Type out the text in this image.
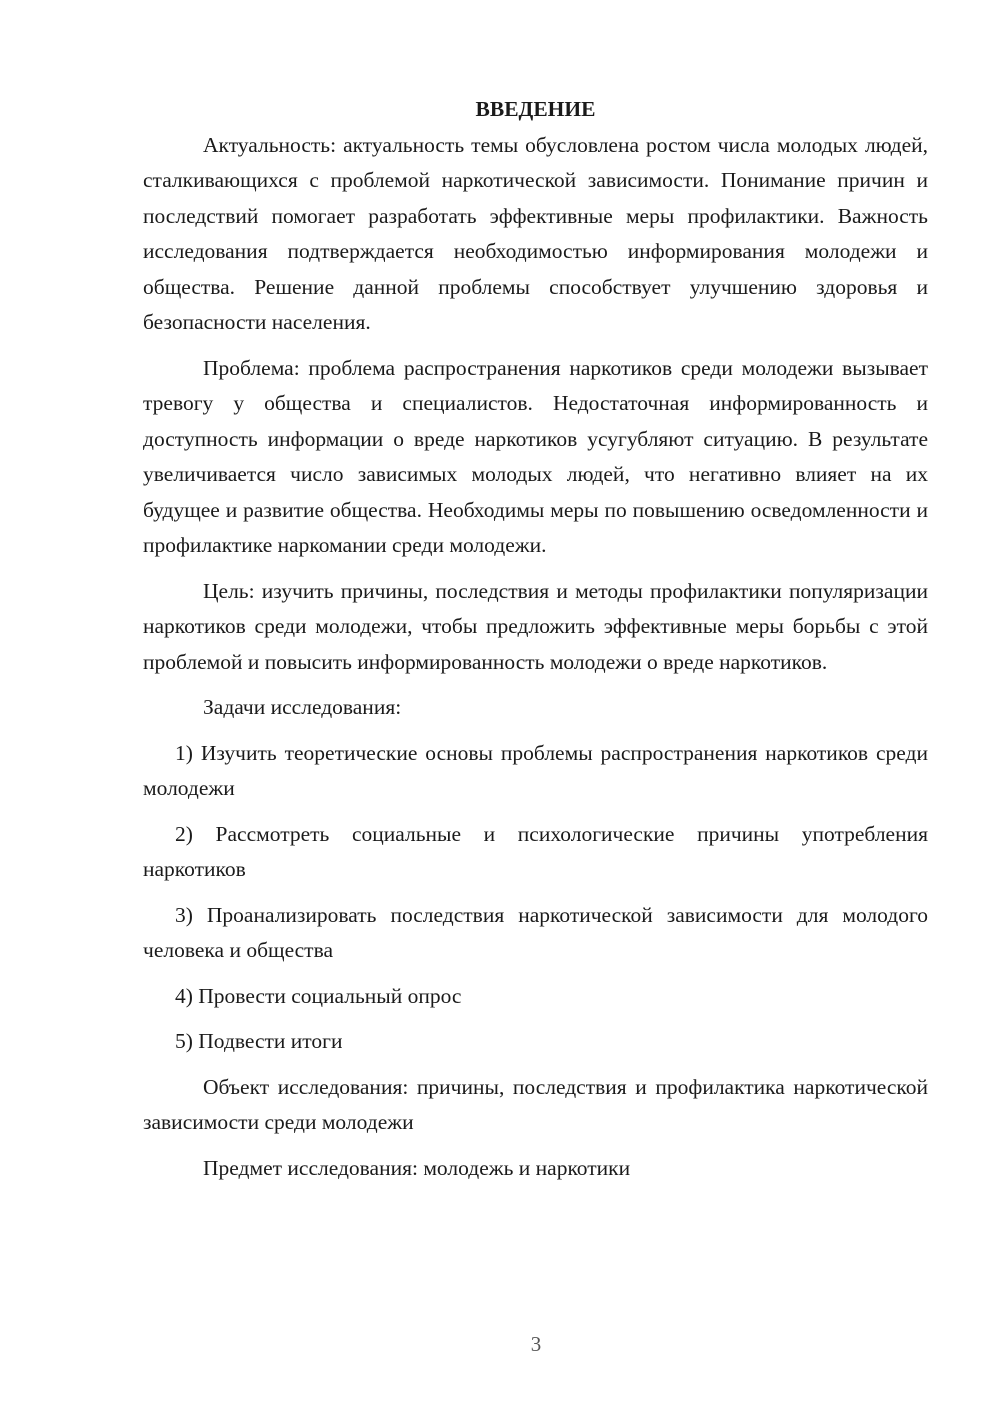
ВВЕДЕНИЕ

Актуальность: актуальность темы обусловлена ростом числа молодых людей, сталкивающихся с проблемой наркотической зависимости. Понимание причин и последствий помогает разработать эффективные меры профилактики. Важность исследования подтверждается необходимостью информирования молодежи и общества. Решение данной проблемы способствует улучшению здоровья и безопасности населения.

Проблема: проблема распространения наркотиков среди молодежи вызывает тревогу у общества и специалистов. Недостаточная информированность и доступность информации о вреде наркотиков усугубляют ситуацию. В результате увеличивается число зависимых молодых людей, что негативно влияет на их будущее и развитие общества. Необходимы меры по повышению осведомленности и профилактике наркомании среди молодежи.

Цель: изучить причины, последствия и методы профилактики популяризации наркотиков среди молодежи, чтобы предложить эффективные меры борьбы с этой проблемой и повысить информированность молодежи о вреде наркотиков.

Задачи исследования:

1) Изучить теоретические основы проблемы распространения наркотиков среди молодежи

2) Рассмотреть социальные и психологические причины употребления наркотиков

3) Проанализировать последствия наркотической зависимости для молодого человека и общества

4) Провести социальный опрос

5) Подвести итоги

Объект исследования: причины, последствия и профилактика наркотической зависимости среди молодежи

Предмет исследования: молодежь и наркотики

3
